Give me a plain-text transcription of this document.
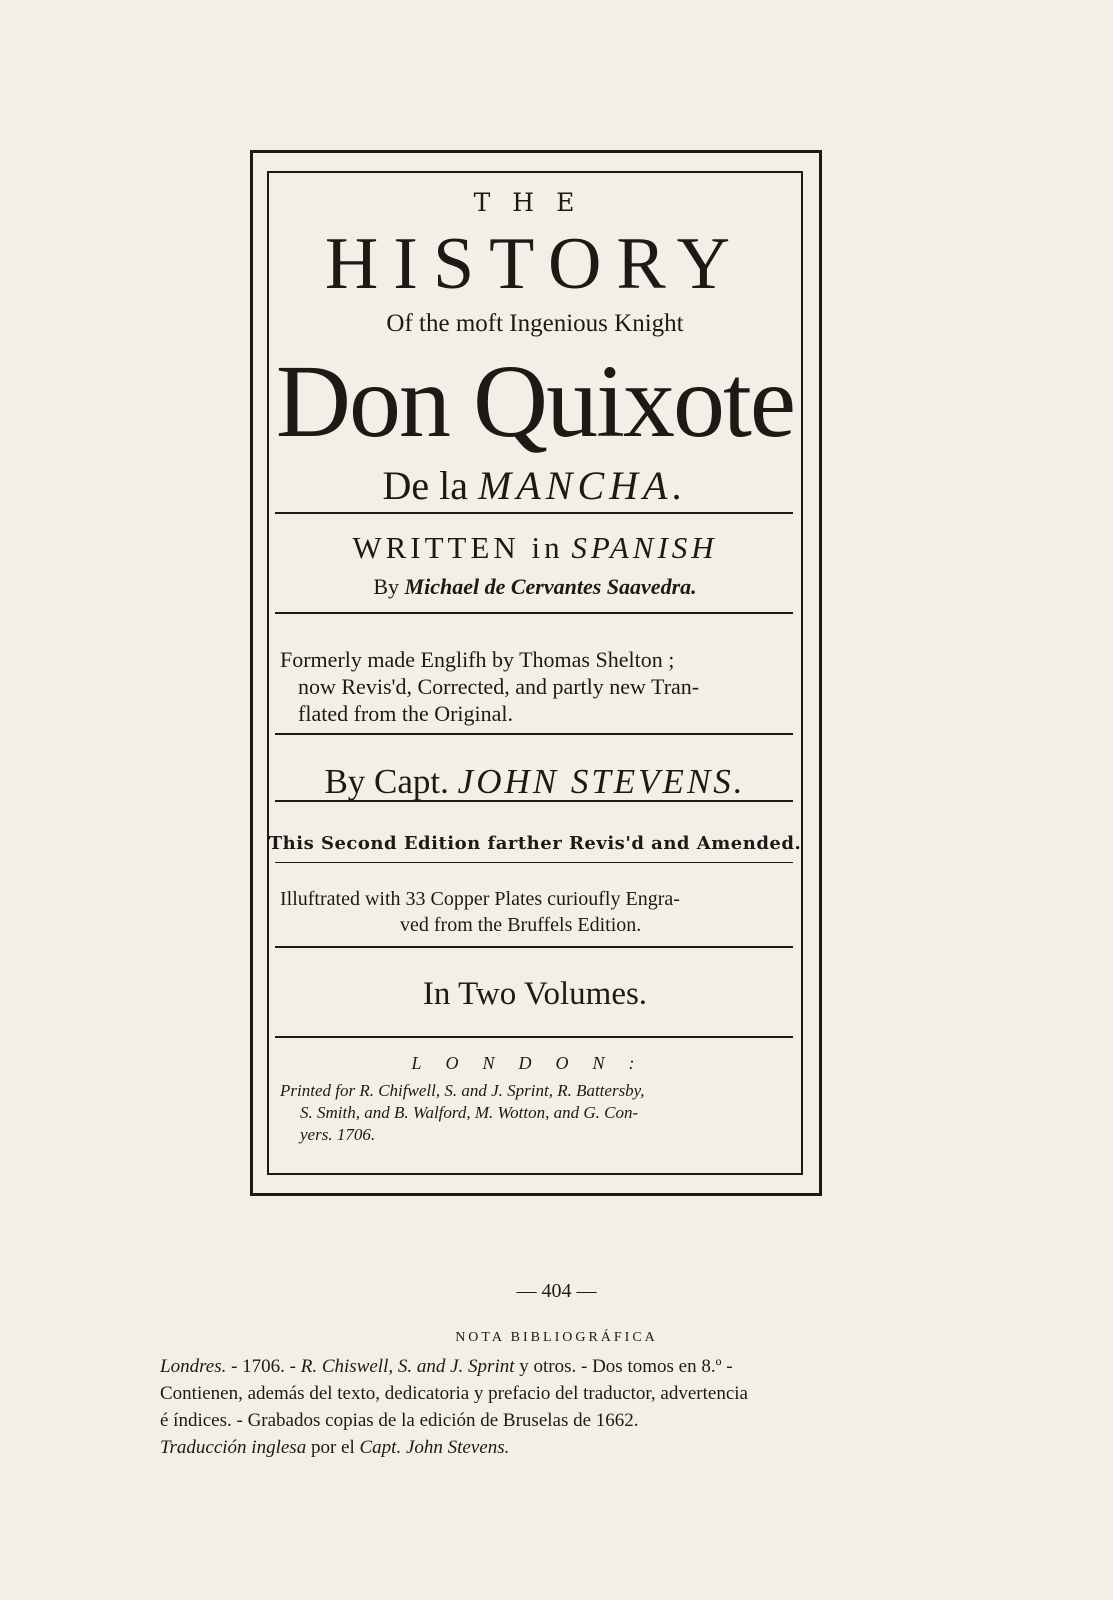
THE
HISTORY
Of the moft Ingenious Knight
Don Quixote
De la MANCHA.
WRITTEN in SPANISH
By Michael de Cervantes Saavedra.
Formerly made Englifh by Thomas Shelton ;
now Revis'd, Corrected, and partly new Tran-
flated from the Original.
By Capt. JOHN STEVENS.
This Second Edition farther Revis'd and Amended.
Illuftrated with 33 Copper Plates curioufly Engra-
ved from the Bruffels Edition.
In Two Volumes.
LONDON:
Printed for R. Chifwell, S. and J. Sprint, R. Battersby,
S. Smith, and B. Walford, M. Wotton, and G. Con-
yers. 1706.
— 404 —
NOTA BIBLIOGRÁFICA
Londres. - 1706. - R. Chiswell, S. and J. Sprint y otros. - Dos tomos en 8.º -
Contienen, además del texto, dedicatoria y prefacio del traductor, advertencia
é índices. - Grabados copias de la edición de Bruselas de 1662.
Traducción inglesa por el Capt. John Stevens.
